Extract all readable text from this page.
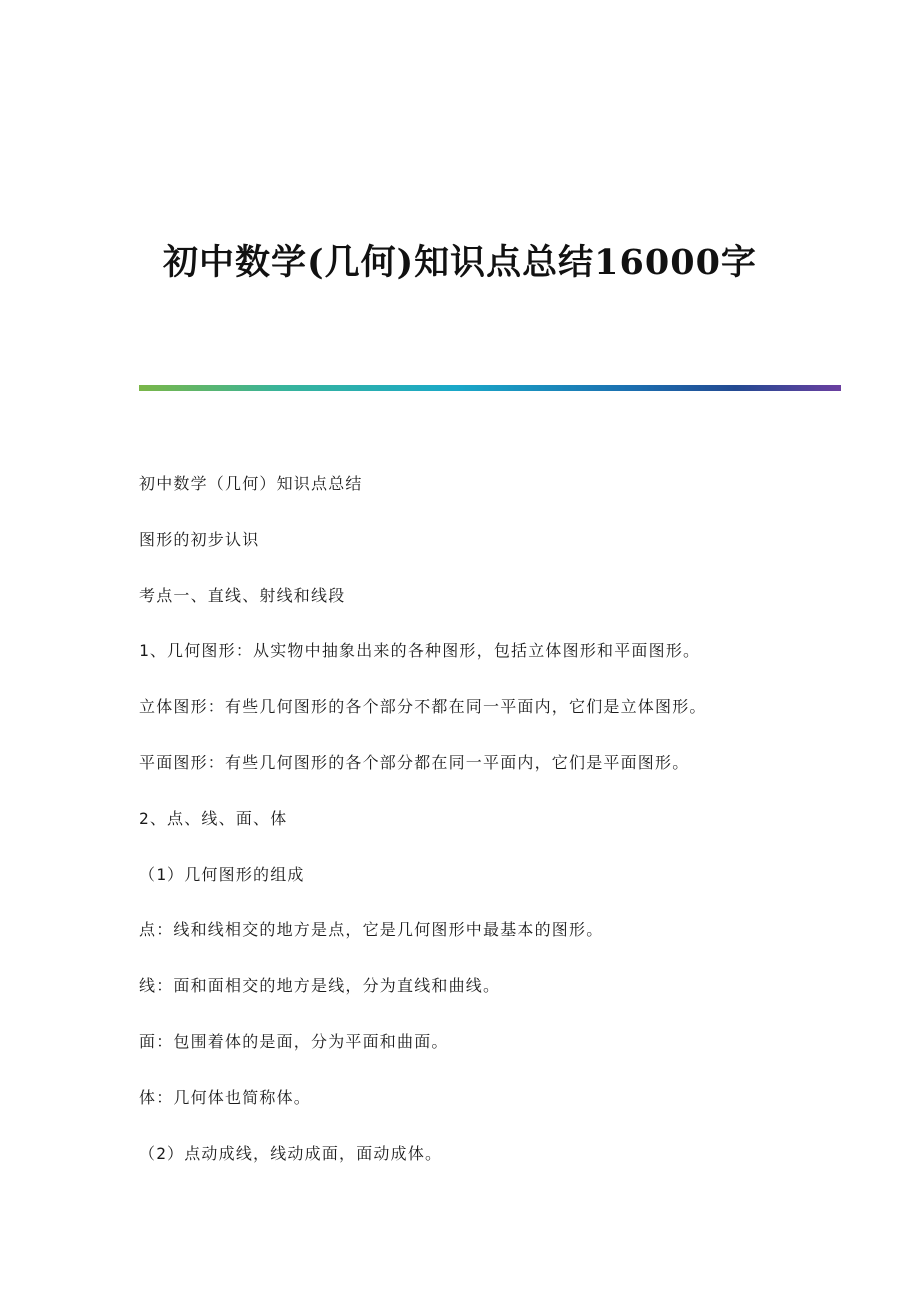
初中数学(几何)知识点总结16000字

初中数学（几何）知识点总结

图形的初步认识

考点一、直线、射线和线段

1、几何图形：从实物中抽象出来的各种图形，包括立体图形和平面图形。

立体图形：有些几何图形的各个部分不都在同一平面内，它们是立体图形。

平面图形：有些几何图形的各个部分都在同一平面内，它们是平面图形。

2、点、线、面、体

（1）几何图形的组成

点：线和线相交的地方是点，它是几何图形中最基本的图形。

线：面和面相交的地方是线，分为直线和曲线。

面：包围着体的是面，分为平面和曲面。

体：几何体也简称体。

（2）点动成线，线动成面，面动成体。
